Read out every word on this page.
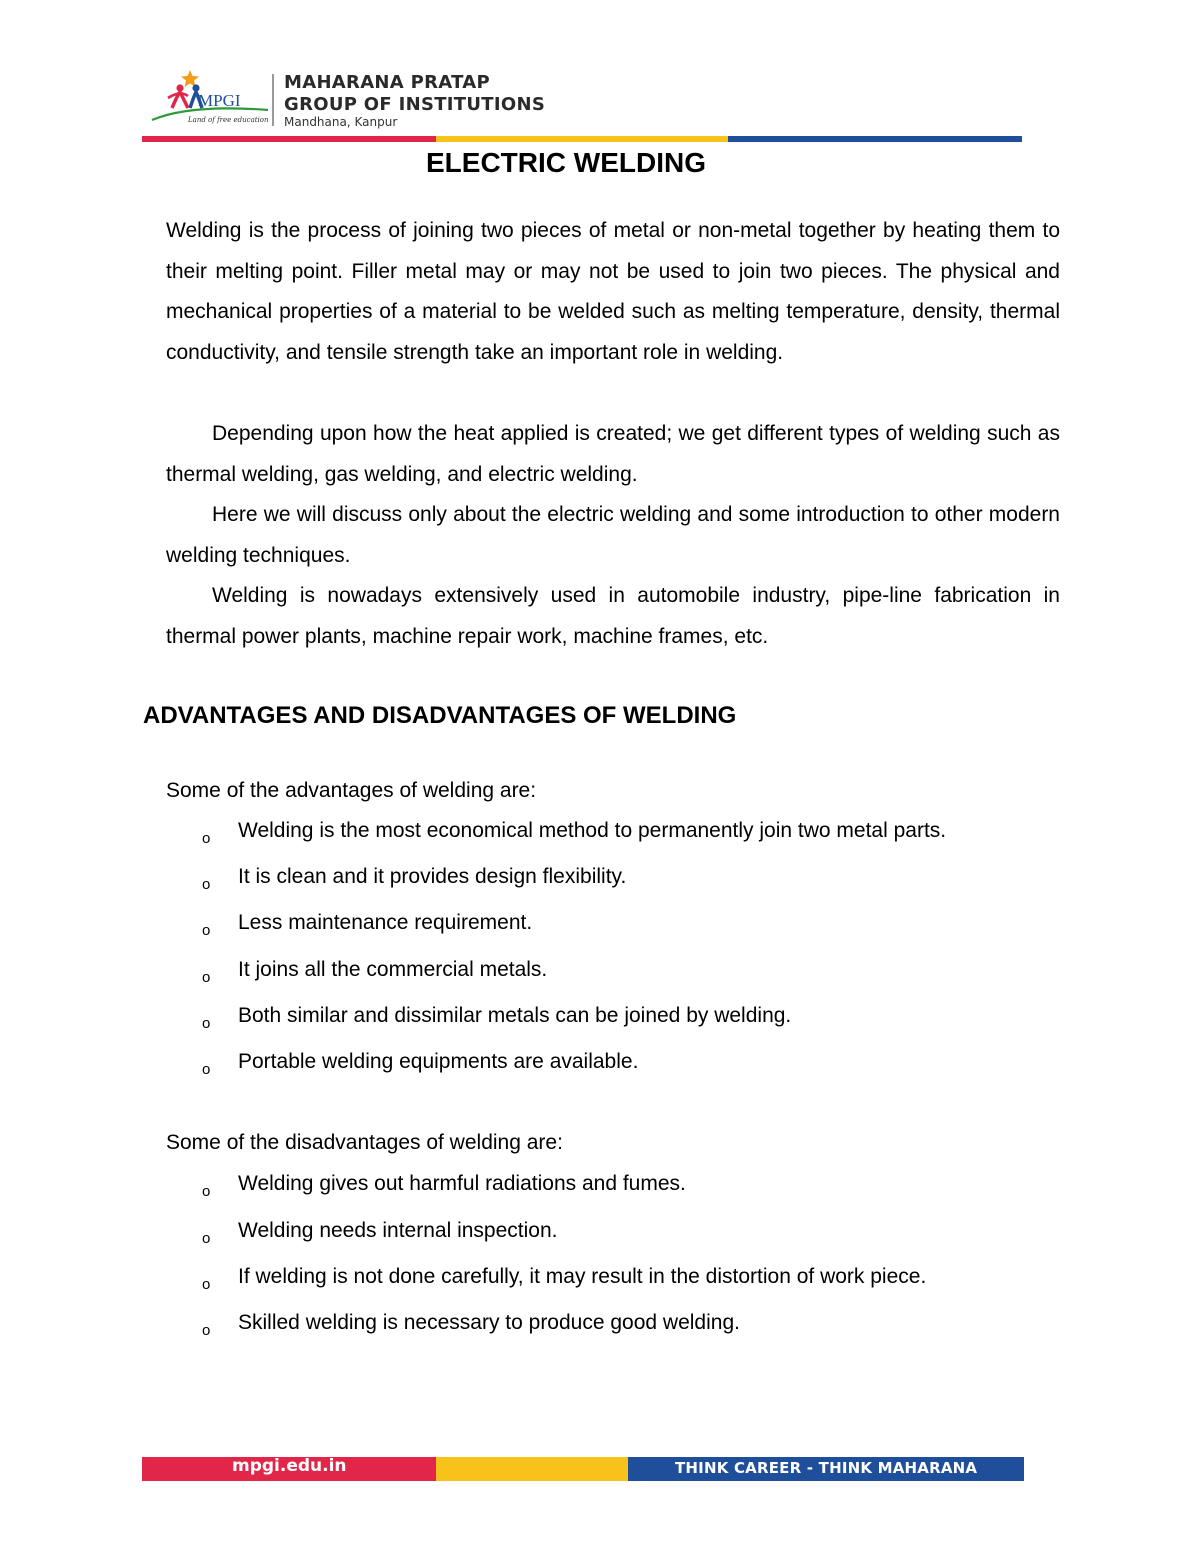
MPGI
Land of free education
MAHARANA PRATAP
GROUP OF INSTITUTIONS
Mandhana, Kanpur
ELECTRIC WELDING

Welding is the process of joining two pieces of metal or non-metal together by heating them to their melting point. Filler metal may or may not be used to join two pieces. The physical and mechanical properties of a material to be welded such as melting temperature, density, thermal conductivity, and tensile strength take an important role in welding.

Depending upon how the heat applied is created; we get different types of welding such as thermal welding, gas welding, and electric welding.

Here we will discuss only about the electric welding and some introduction to other modern welding techniques.

Welding is nowadays extensively used in automobile industry, pipe-line fabrication in thermal power plants, machine repair work, machine frames, etc.

ADVANTAGES AND DISADVANTAGES OF WELDING
Some of the advantages of welding are:
o Welding is the most economical method to permanently join two metal parts.
o It is clean and it provides design flexibility.
o Less maintenance requirement.
o It joins all the commercial metals.
o Both similar and dissimilar metals can be joined by welding.
o Portable welding equipments are available.
Some of the disadvantages of welding are:
o Welding gives out harmful radiations and fumes.
o Welding needs internal inspection.
o If welding is not done carefully, it may result in the distortion of work piece.
o Skilled welding is necessary to produce good welding.
mpgi.edu.in	THINK CAREER - THINK MAHARANA
